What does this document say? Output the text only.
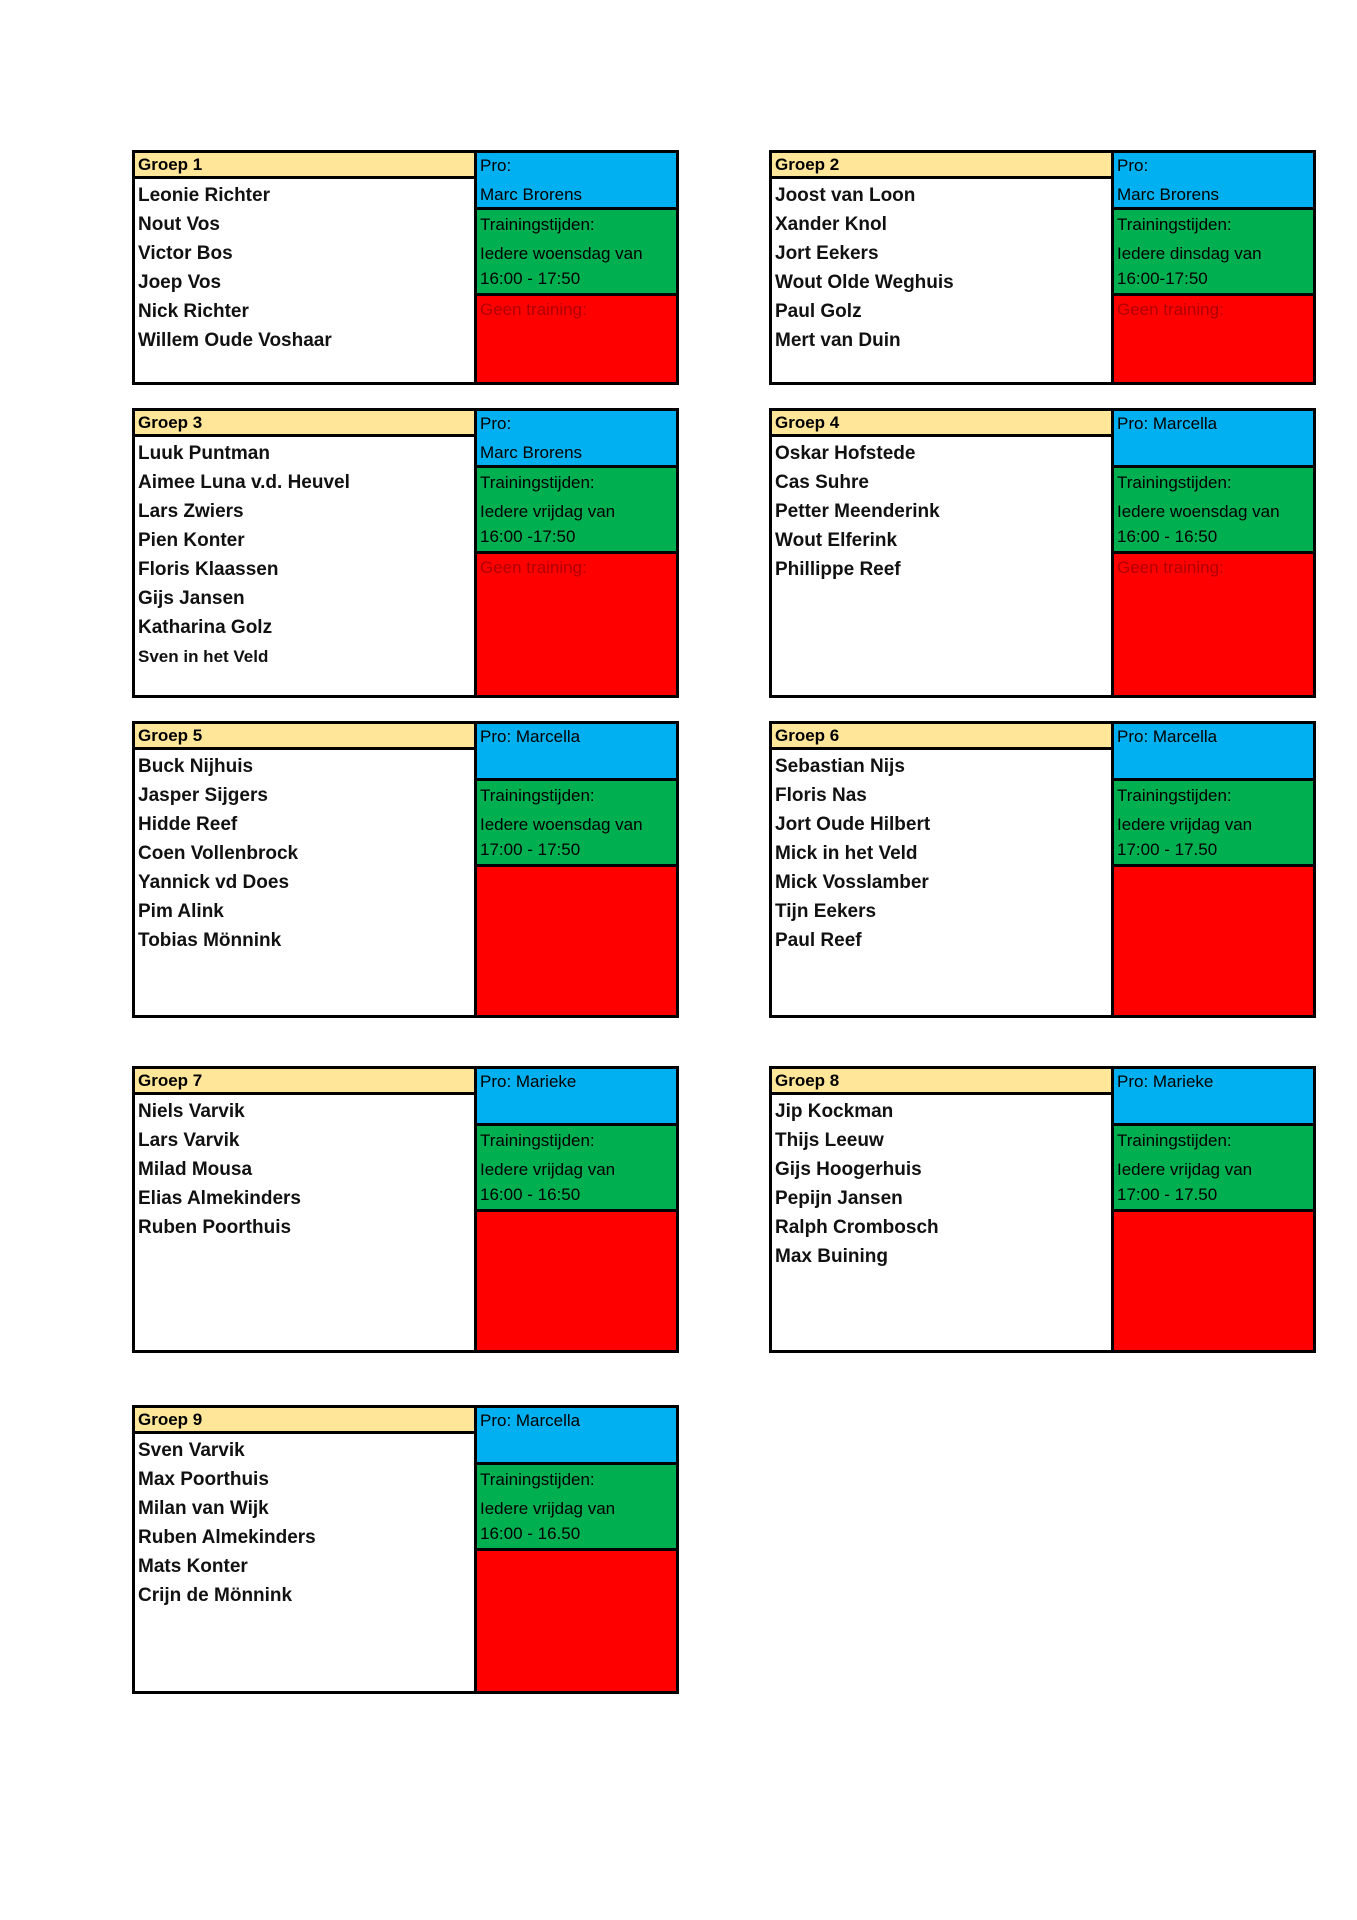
Groep 1
Leonie Richter
Nout Vos
Victor Bos
Joep Vos
Nick Richter
Willem Oude Voshaar
Pro:
Marc Brorens
Trainingstijden:
Iedere woensdag van
16:00 - 17:50
Geen training:
Groep 2
Joost van Loon
Xander Knol
Jort Eekers
Wout Olde Weghuis
Paul Golz
Mert van Duin
Pro:
Marc Brorens
Trainingstijden:
Iedere dinsdag van
16:00-17:50
Geen training:
Groep 3
Luuk Puntman
Aimee Luna v.d. Heuvel
Lars Zwiers
Pien Konter
Floris Klaassen
Gijs Jansen
Katharina Golz
Sven in het Veld
Pro:
Marc Brorens
Trainingstijden:
Iedere vrijdag van
16:00 -17:50
Geen training:
Groep 4
Oskar Hofstede
Cas Suhre
Petter Meenderink
Wout Elferink
Phillippe Reef
Pro: Marcella
Trainingstijden:
Iedere woensdag van
16:00 - 16:50
Geen training:
Groep 5
Buck Nijhuis
Jasper Sijgers
Hidde Reef
Coen Vollenbrock
Yannick vd Does
Pim Alink
Tobias Mönnink
Pro: Marcella
Trainingstijden:
Iedere woensdag van
17:00 - 17:50
Groep 6
Sebastian Nijs
Floris Nas
Jort Oude Hilbert
Mick in het Veld
Mick Vosslamber
Tijn Eekers
Paul Reef
Pro: Marcella
Trainingstijden:
Iedere vrijdag van
17:00 - 17.50
Groep 7
Niels Varvik
Lars Varvik
Milad Mousa
Elias Almekinders
Ruben Poorthuis
Pro: Marieke
Trainingstijden:
Iedere vrijdag van
16:00 - 16:50
Groep 8
Jip Kockman
Thijs Leeuw
Gijs Hoogerhuis
Pepijn Jansen
Ralph Crombosch
Max Buining
Pro: Marieke
Trainingstijden:
Iedere vrijdag van
17:00 - 17.50
Groep 9
Sven Varvik
Max Poorthuis
Milan van Wijk
Ruben Almekinders
Mats Konter
Crijn de Mönnink
Pro: Marcella
Trainingstijden:
Iedere vrijdag van
16:00 - 16.50
